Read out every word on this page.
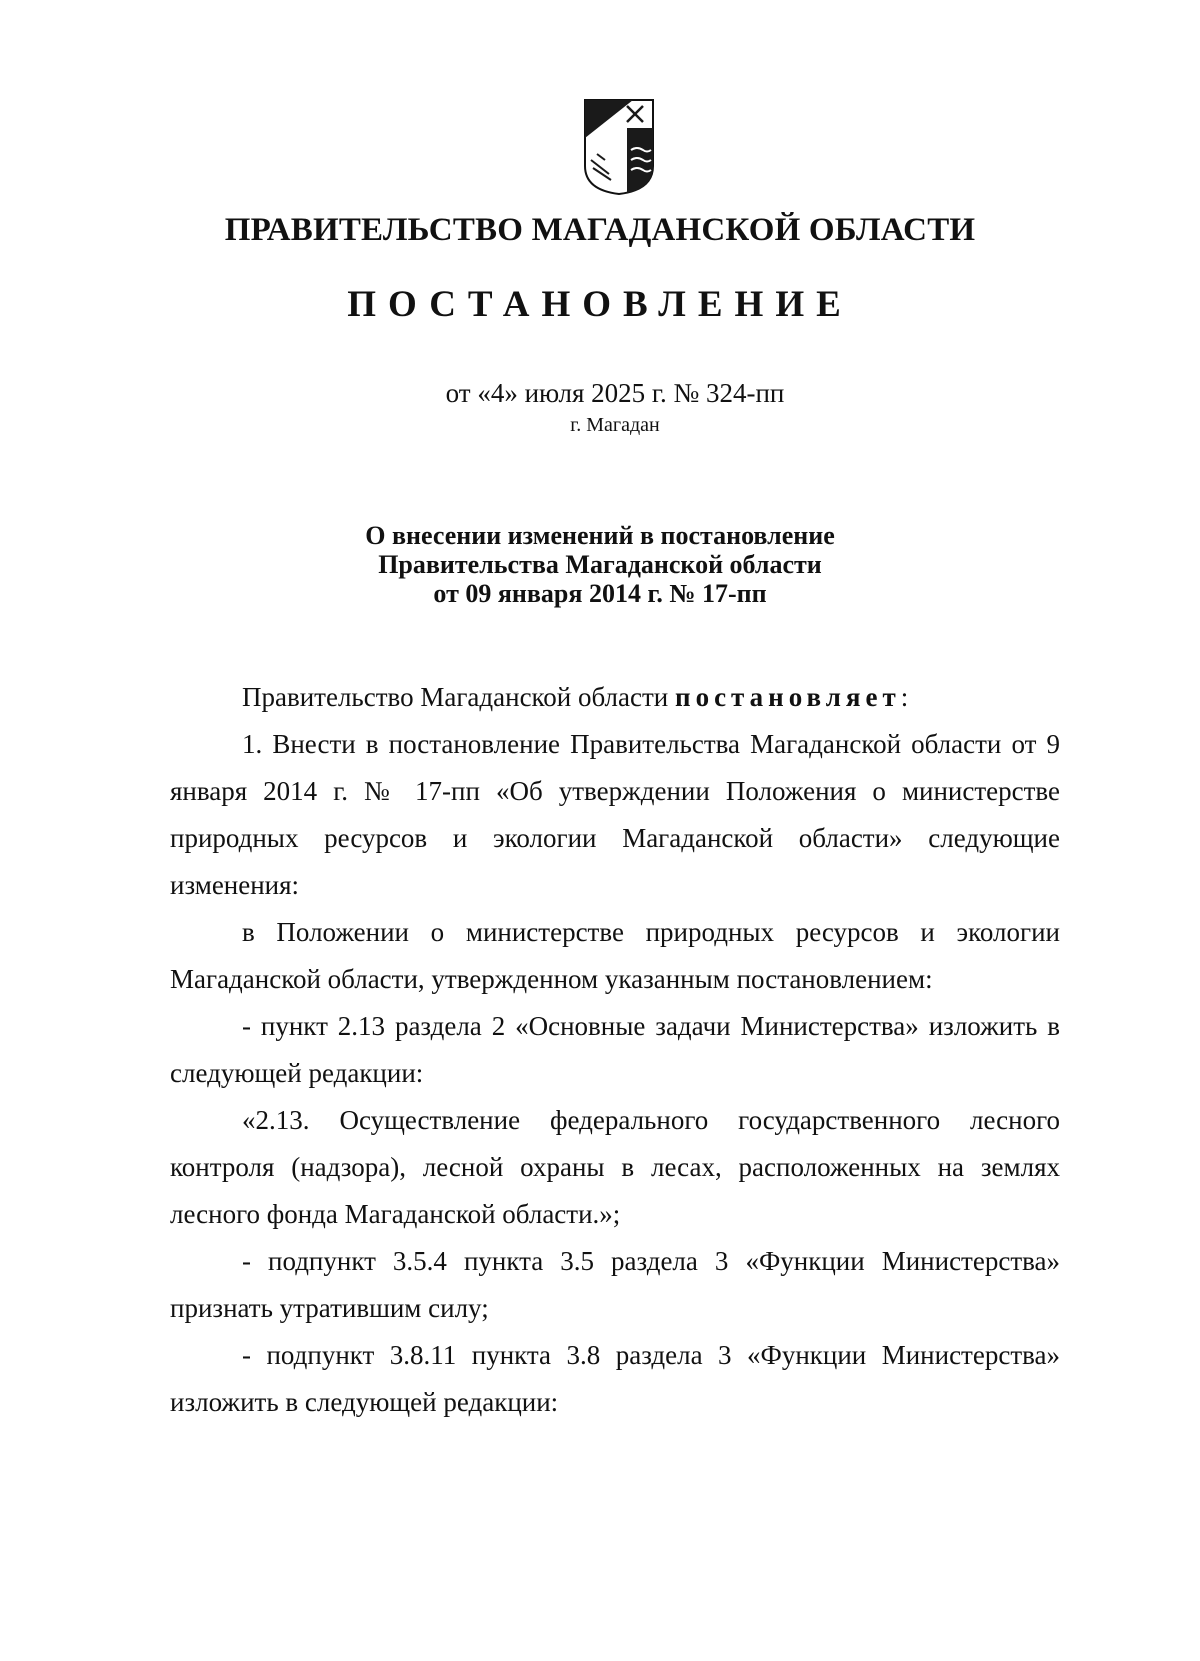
ПРАВИТЕЛЬСТВО МАГАДАНСКОЙ ОБЛАСТИ
ПОСТАНОВЛЕНИЕ
от «4» июля 2025 г. № 324-пп
г. Магадан
О внесении изменений в постановление
Правительства Магаданской области
от 09 января 2014 г. № 17-пп

Правительство Магаданской области постановляет:

1. Внести в постановление Правительства Магаданской области от 9 января 2014 г. № 17-пп «Об утверждении Положения о министерстве природных ресурсов и экологии Магаданской области» следующие изменения:

в Положении о министерстве природных ресурсов и экологии Магаданской области, утвержденном указанным постановлением:

- пункт 2.13 раздела 2 «Основные задачи Министерства» изложить в следующей редакции:

«2.13. Осуществление федерального государственного лесного контроля (надзора), лесной охраны в лесах, расположенных на землях лесного фонда Магаданской области.»;

- подпункт 3.5.4 пункта 3.5 раздела 3 «Функции Министерства» признать утратившим силу;

- подпункт 3.8.11 пункта 3.8 раздела 3 «Функции Министерства» изложить в следующей редакции:
